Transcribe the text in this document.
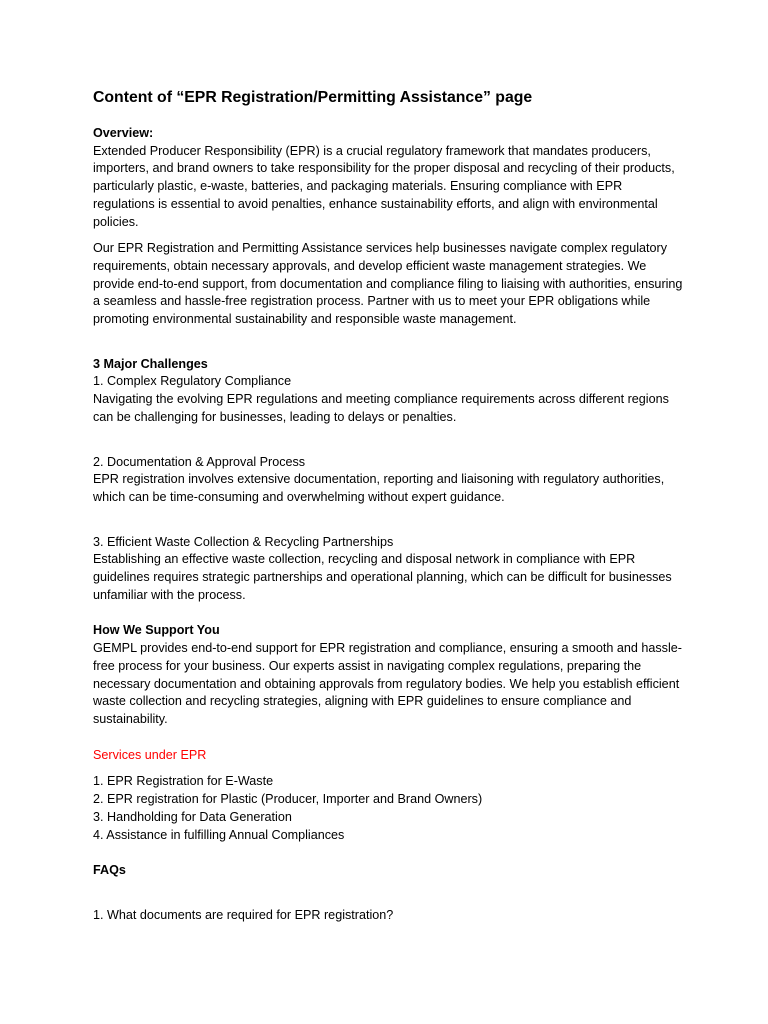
Content of “EPR Registration/Permitting Assistance” page

Overview:

Extended Producer Responsibility (EPR) is a crucial regulatory framework that mandates producers, importers, and brand owners to take responsibility for the proper disposal and recycling of their products, particularly plastic, e-waste, batteries, and packaging materials. Ensuring compliance with EPR regulations is essential to avoid penalties, enhance sustainability efforts, and align with environmental policies.

Our EPR Registration and Permitting Assistance services help businesses navigate complex regulatory requirements, obtain necessary approvals, and develop efficient waste management strategies. We provide end-to-end support, from documentation and compliance filing to liaising with authorities, ensuring a seamless and hassle-free registration process. Partner with us to meet your EPR obligations while promoting environmental sustainability and responsible waste management.

3 Major Challenges

1. Complex Regulatory Compliance

Navigating the evolving EPR regulations and meeting compliance requirements across different regions can be challenging for businesses, leading to delays or penalties.

2. Documentation & Approval Process

EPR registration involves extensive documentation, reporting and liaisoning with regulatory authorities, which can be time-consuming and overwhelming without expert guidance.

3. Efficient Waste Collection & Recycling Partnerships

Establishing an effective waste collection, recycling and disposal network in compliance with EPR guidelines requires strategic partnerships and operational planning, which can be difficult for businesses unfamiliar with the process.

How We Support You

GEMPL provides end-to-end support for EPR registration and compliance, ensuring a smooth and hassle-free process for your business. Our experts assist in navigating complex regulations, preparing the necessary documentation and obtaining approvals from regulatory bodies. We help you establish efficient waste collection and recycling strategies, aligning with EPR guidelines to ensure compliance and sustainability.

Services under EPR

1. EPR Registration for E-Waste

2. EPR registration for Plastic (Producer, Importer and Brand Owners)

3. Handholding for Data Generation

4. Assistance in fulfilling Annual Compliances

FAQs

1. What documents are required for EPR registration?
